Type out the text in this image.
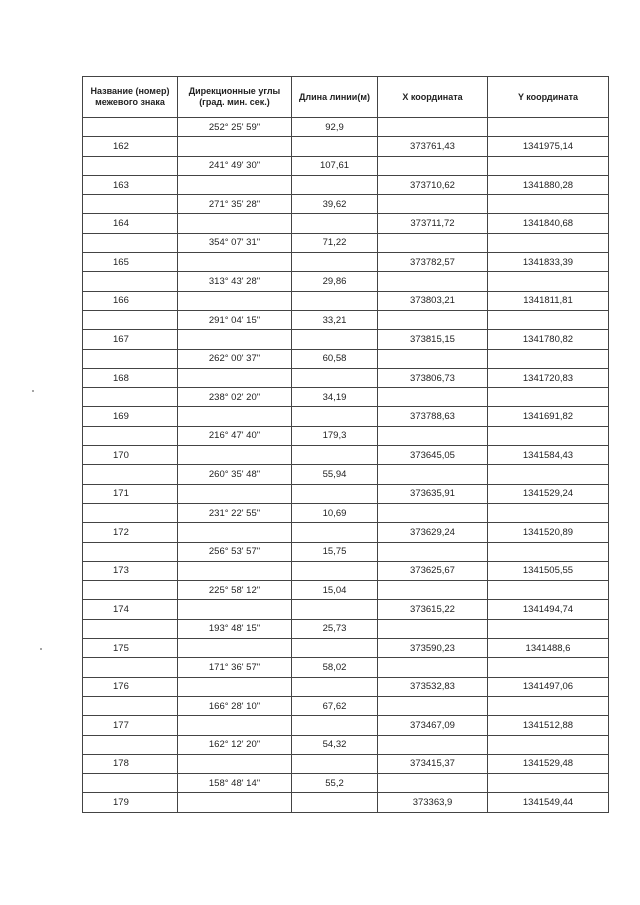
Название (номер) межевого знака	Дирекционные углы (град. мин. сек.)	Длина линии(м)	X координата	Y координата
	252° 25' 59"	92,9		
162			373761,43	1341975,14
	241° 49' 30"	107,61		
163			373710,62	1341880,28
	271° 35' 28"	39,62		
164			373711,72	1341840,68
	354° 07' 31"	71,22		
165			373782,57	1341833,39
	313° 43' 28"	29,86		
166			373803,21	1341811,81
	291° 04' 15"	33,21		
167			373815,15	1341780,82
	262° 00' 37"	60,58		
168			373806,73	1341720,83
	238° 02' 20"	34,19		
169			373788,63	1341691,82
	216° 47' 40"	179,3		
170			373645,05	1341584,43
	260° 35' 48"	55,94		
171			373635,91	1341529,24
	231° 22' 55"	10,69		
172			373629,24	1341520,89
	256° 53' 57"	15,75		
173			373625,67	1341505,55
	225° 58' 12"	15,04		
174			373615,22	1341494,74
	193° 48' 15"	25,73		
175			373590,23	1341488,6
	171° 36' 57"	58,02		
176			373532,83	1341497,06
	166° 28' 10"	67,62		
177			373467,09	1341512,88
	162° 12' 20"	54,32		
178			373415,37	1341529,48
	158° 48' 14"	55,2		
179			373363,9	1341549,44
